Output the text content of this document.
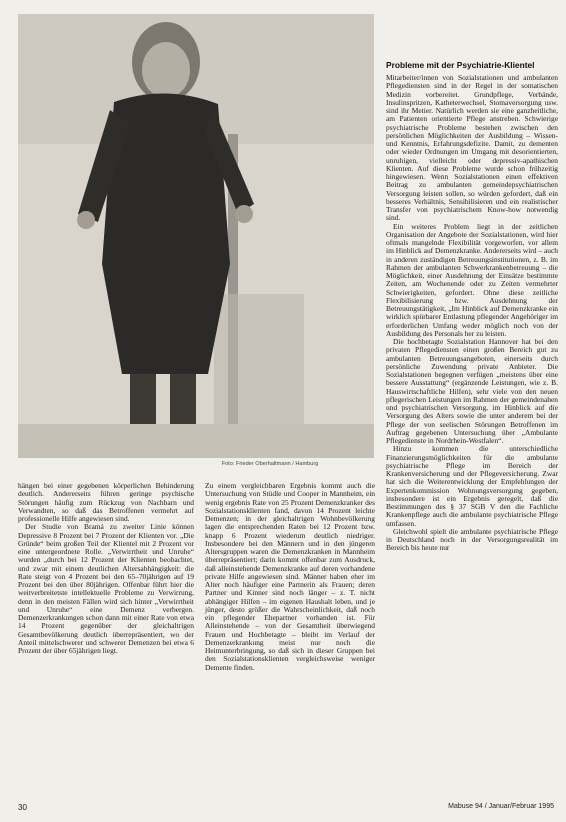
Foto: Frieder Oberhaltmann / Hamburg

hängen bei einer gegebenen körperlichen Behinderung deutlich. Andererseits führen geringe psychische Störungen häufig zum Rückzug von Nachbarn und Verwandten, so daß das Betroffenen vermehrt auf professionelle Hilfe angewiesen sind.

Der Studie von Bramá zu zweiter Linie können Depressive 8 Prozent bei 7 Prozent der Klienten vor. „Die Gründe“ beim großen Teil der Klientel mit 2 Prozent vor eine untergeordnete Rolle. „Verwirrtheit und Unruhe“ wurden „durch bei 12 Prozent der Klienten beobachtet, und zwar mit einem deutlichen Altersabhängigkeit: die Rate steigt von 4 Prozent bei den 65–70jährigen auf 19 Prozent bei den über 80jährigen. Offenbar führt hier die weitverbreitetste intellektuelle Probleme zu Verwirrung, denn in den meisten Fällen wird sich hinter „Verwirrtheit und Unruhe“ eine Demenz verbergen. Demenzerkrankungen schon dann mit einer Rate von etwa 14 Prozent gegenüber der gleichaltrigen Gesamtbevölkerung deutlich überrepräsentiert, wo der Anteil mittelschwerer und schwerer Demenzen bei etwa 6 Prozent der über 65jährigen liegt.

Zu einem vergleichbaren Ergebnis kommt auch die Untersuchung von Stüdle und Cooper in Mannheim, ein wenig ergebnis Rate von 25 Prozent Demenzkranker des Sozialstationsklienten fand, davon 14 Prozent leichte Demenzen; in der gleichaltrigen Wohnbevölkerung lagen die entsprechenden Raten bei 12 Prozent bzw. knapp 6 Prozent wiederum deutlich niedriger. Insbesondere bei den Männern und in den jüngeren Altersgruppen waren die Demenzkranken in Mannheim überrepräsentiert; darin kommt offenbar zum Ausdruck, daß alleinstehende Demenzkranke auf deren vorhandene private Hilfe angewiesen sind. Männer haben eher im Alter noch häufiger eine Partnerin als Frauen; deren Partner und Kinner sind noch länger – z. T. nicht abhängiger Hilfen – im eigenen Haushalt leben, und je jünger, desto größer die Wahrscheinlichkeit, daß noch ein pflegender Ehepartner vorhanden ist. Für Alleinstehende – von der Gesamtheit überwiegend Frauen und Hochbetagte – bleibt im Verlauf der Demenzerkrankung meist nur noch die Heimunterbringung, so daß sich in dieser Gruppen bei den Sozialstationsklienten vergleichsweise weniger Demente finden.

Probleme mit der Psychiatrie-Klientel

Mitarbeiter/innen von Sozialstationen und ambulanten Pflegediensten sind in der Regel in der somatischen Medizin vorbereitet. Grundpflege, Verbände, Insulinspritzen, Katheterwechsel, Stomaversorgung usw. sind ihr Metier. Natürlich werden sie eine ganzheitliche, am Patienten orientierte Pflege anstreben. Schwierige psychiatrische Probleme bestehen zwischen den persönlichen Möglichkeiten der Ausbildung – Wissen- und Kenntnis, Erfahrungsdefizite. Damit, zu dementen oder wieder Ordnungen im Umgang mit desorientierten, unruhigen, vielleicht oder depressiv-apathischen Klienten. Auf diese Probleme wurde schon frühzeitig hingewiesen. Wenn Sozialstationen einen effektiven Beitrag zu ambulanten gemeindepsychiatrischen Versorgung leisten sollen, so würden gefordert, daß ein besseres Verhältnis, Sensibilisieren und ein realistischer Transfer von psychiatrischem Know-how notwendig sind.

Ein weiteres Problem liegt in der zeitlichen Organisation der Angebote der Sozialstationen, wird hier oftmals mangelnde Flexibilität vorgeworfen, vor allem im Hinblick auf Demenzkranke. Andererseits wird – auch in anderen zuständigen Betreuungsinstitutionen, z. B. im Rahmen der ambulanten Schwerkrankenbetreuung – die Möglichkeit, einer Ausdehnung der Einsätze bestimmte Zeiten, am Wochenende oder zu Zeiten vermehrter Schwierigkeiten, gefordert. Ohne diese zeitliche Flexibilisierung bzw. Ausdehnung der Betreuungstätigkeit, „Im Hinblick auf Demenzkranke ein wirklich spürbarer Entlastung pflegender Angehöriger im erforderlichen Umfang weder möglich noch von der Ausbildung des Personals her zu leisten.

Die hochbetagte Sozialstation Hannover hat bei den privaten Pflegediensten einen großen Bereich gut zu ambulanten Betreuungsangeboten, einerseits durch persönliche Zuwendung private Anbieter. Die Sozialstationen begegnen verfügen „meistens über eine bessere Ausstattung“ (ergänzende Leistungen, wie z. B. Hauswirtschaftliche Hilfen), sehr viele von den neuen pflegerischen Leistungen im Rahmen der gemeindenahen und psychiatrischen Versorgung, im Hinblick auf die Versorgung des Alters sowie die unter anderem bei der Pflege der von seelischen Störungen Betroffenen im Auftrag gegebenen Untersuchung über „Ambulante Pflegedienste in Nordrhein-Westfalen“.

Hinzu kommen die unterschiedliche Finanzierungsmöglichkeiten für die ambulante psychiatrische Pflege im Bereich der Krankenversicherung und der Pflegeversicherung. Zwar hat sich die Weiterentwicklung der Empfehlungen der Expertenkommission Wohnungsversorgung gegeben, insbesondere ist ein Ergebnis geregelt, daß die Bestimmungen des § 37 SGB V den die Fachliche Krankenpflege auch die ambulante psychiatrische Pflege umfassen.

Gleichwohl spielt die ambulante psychiatrische Pflege in Deutschland noch in der Versorgungsrealität im Bereich bis heute nur

30	Mabuse 94 / Januar/Februar 1995
